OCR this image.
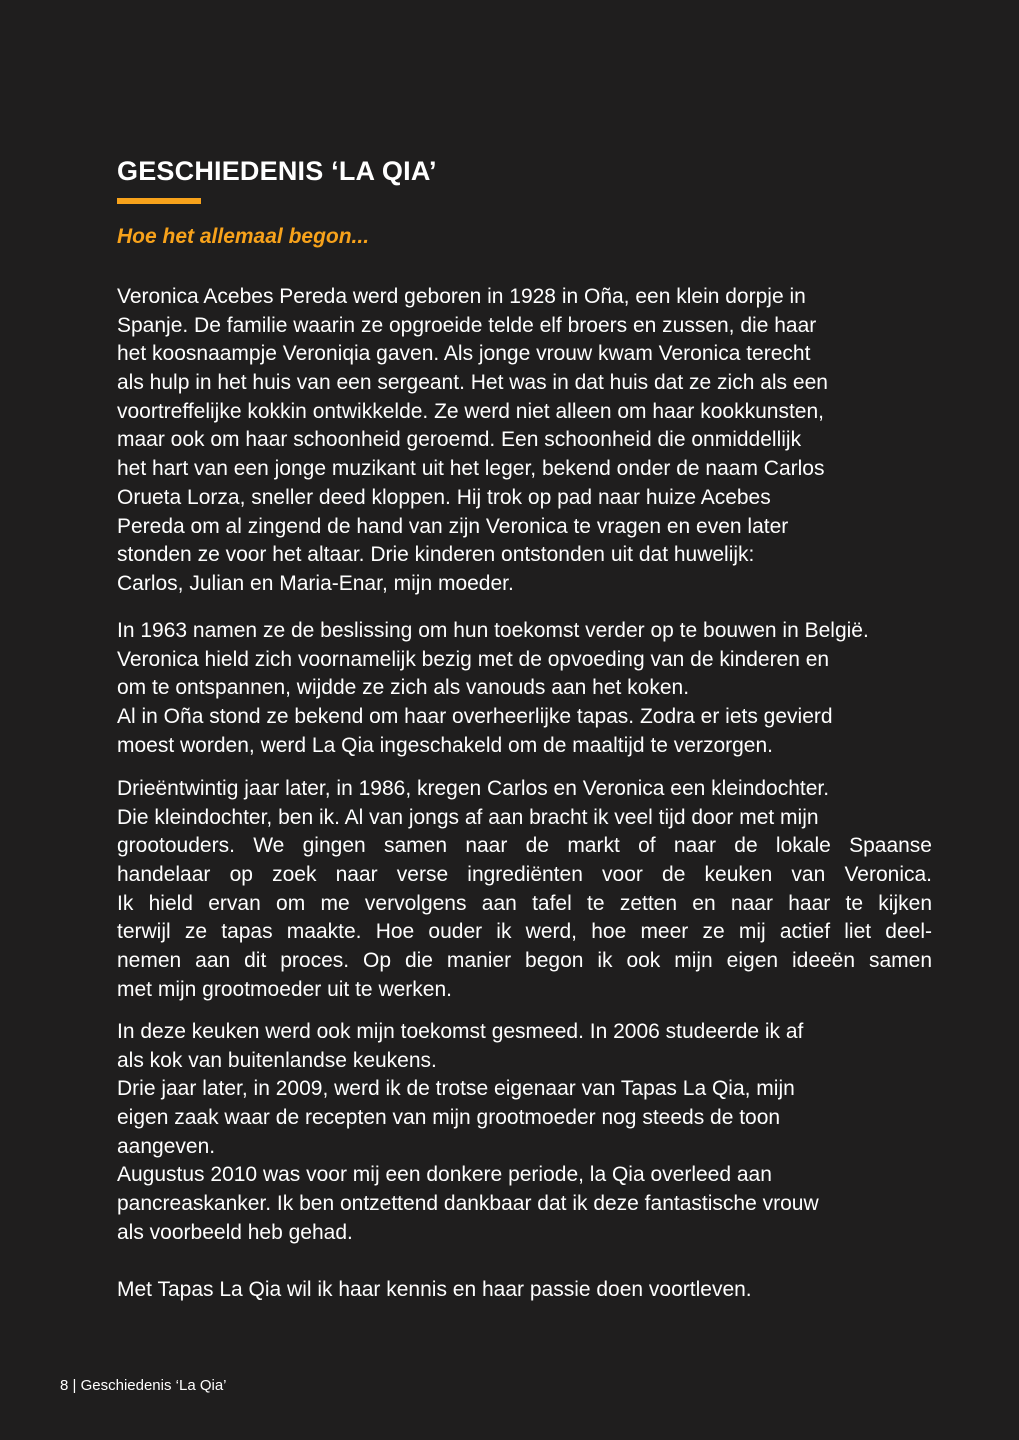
GESCHIEDENIS ‘LA QIA’
Hoe het allemaal begon...
Veronica Acebes Pereda werd geboren in 1928 in Oña, een klein dorpje in
Spanje. De familie waarin ze opgroeide telde elf broers en zussen, die haar
het koosnaampje Veroniqia gaven. Als jonge vrouw kwam Veronica terecht
als hulp in het huis van een sergeant. Het was in dat huis dat ze zich als een
voortreffelijke kokkin ontwikkelde. Ze werd niet alleen om haar kookkunsten,
maar ook om haar schoonheid geroemd. Een schoonheid die onmiddellijk
het hart van een jonge muzikant uit het leger, bekend onder de naam Carlos
Orueta Lorza, sneller deed kloppen. Hij trok op pad naar huize Acebes
Pereda om al zingend de hand van zijn Veronica te vragen en even later
stonden ze voor het altaar. Drie kinderen ontstonden uit dat huwelijk:
Carlos, Julian en Maria-Enar, mijn moeder.
In 1963 namen ze de beslissing om hun toekomst verder op te bouwen in België.
Veronica hield zich voornamelijk bezig met de opvoeding van de kinderen en
om te ontspannen, wijdde ze zich als vanouds aan het koken.
Al in Oña stond ze bekend om haar overheerlijke tapas. Zodra er iets gevierd
moest worden, werd La Qia ingeschakeld om de maaltijd te verzorgen.
Drieëntwintig jaar later, in 1986, kregen Carlos en Veronica een kleindochter.
Die kleindochter, ben ik. Al van jongs af aan bracht ik veel tijd door met mijn
grootouders. We gingen samen naar de markt of naar de lokale Spaanse
handelaar op zoek naar verse ingrediënten voor de keuken van Veronica.
Ik hield ervan om me vervolgens aan tafel te zetten en naar haar te kijken
terwijl ze tapas maakte. Hoe ouder ik werd, hoe meer ze mij actief liet deel-
nemen aan dit proces. Op die manier begon ik ook mijn eigen ideeën samen
met mijn grootmoeder uit te werken.
In deze keuken werd ook mijn toekomst gesmeed. In 2006 studeerde ik af
als kok van buitenlandse keukens.
Drie jaar later, in 2009, werd ik de trotse eigenaar van Tapas La Qia, mijn
eigen zaak waar de recepten van mijn grootmoeder nog steeds de toon
aangeven.
Augustus 2010 was voor mij een donkere periode, la Qia overleed aan
pancreaskanker. Ik ben ontzettend dankbaar dat ik deze fantastische vrouw
als voorbeeld heb gehad.
Met Tapas La Qia wil ik haar kennis en haar passie doen voortleven.
8 | Geschiedenis ‘La Qia’
